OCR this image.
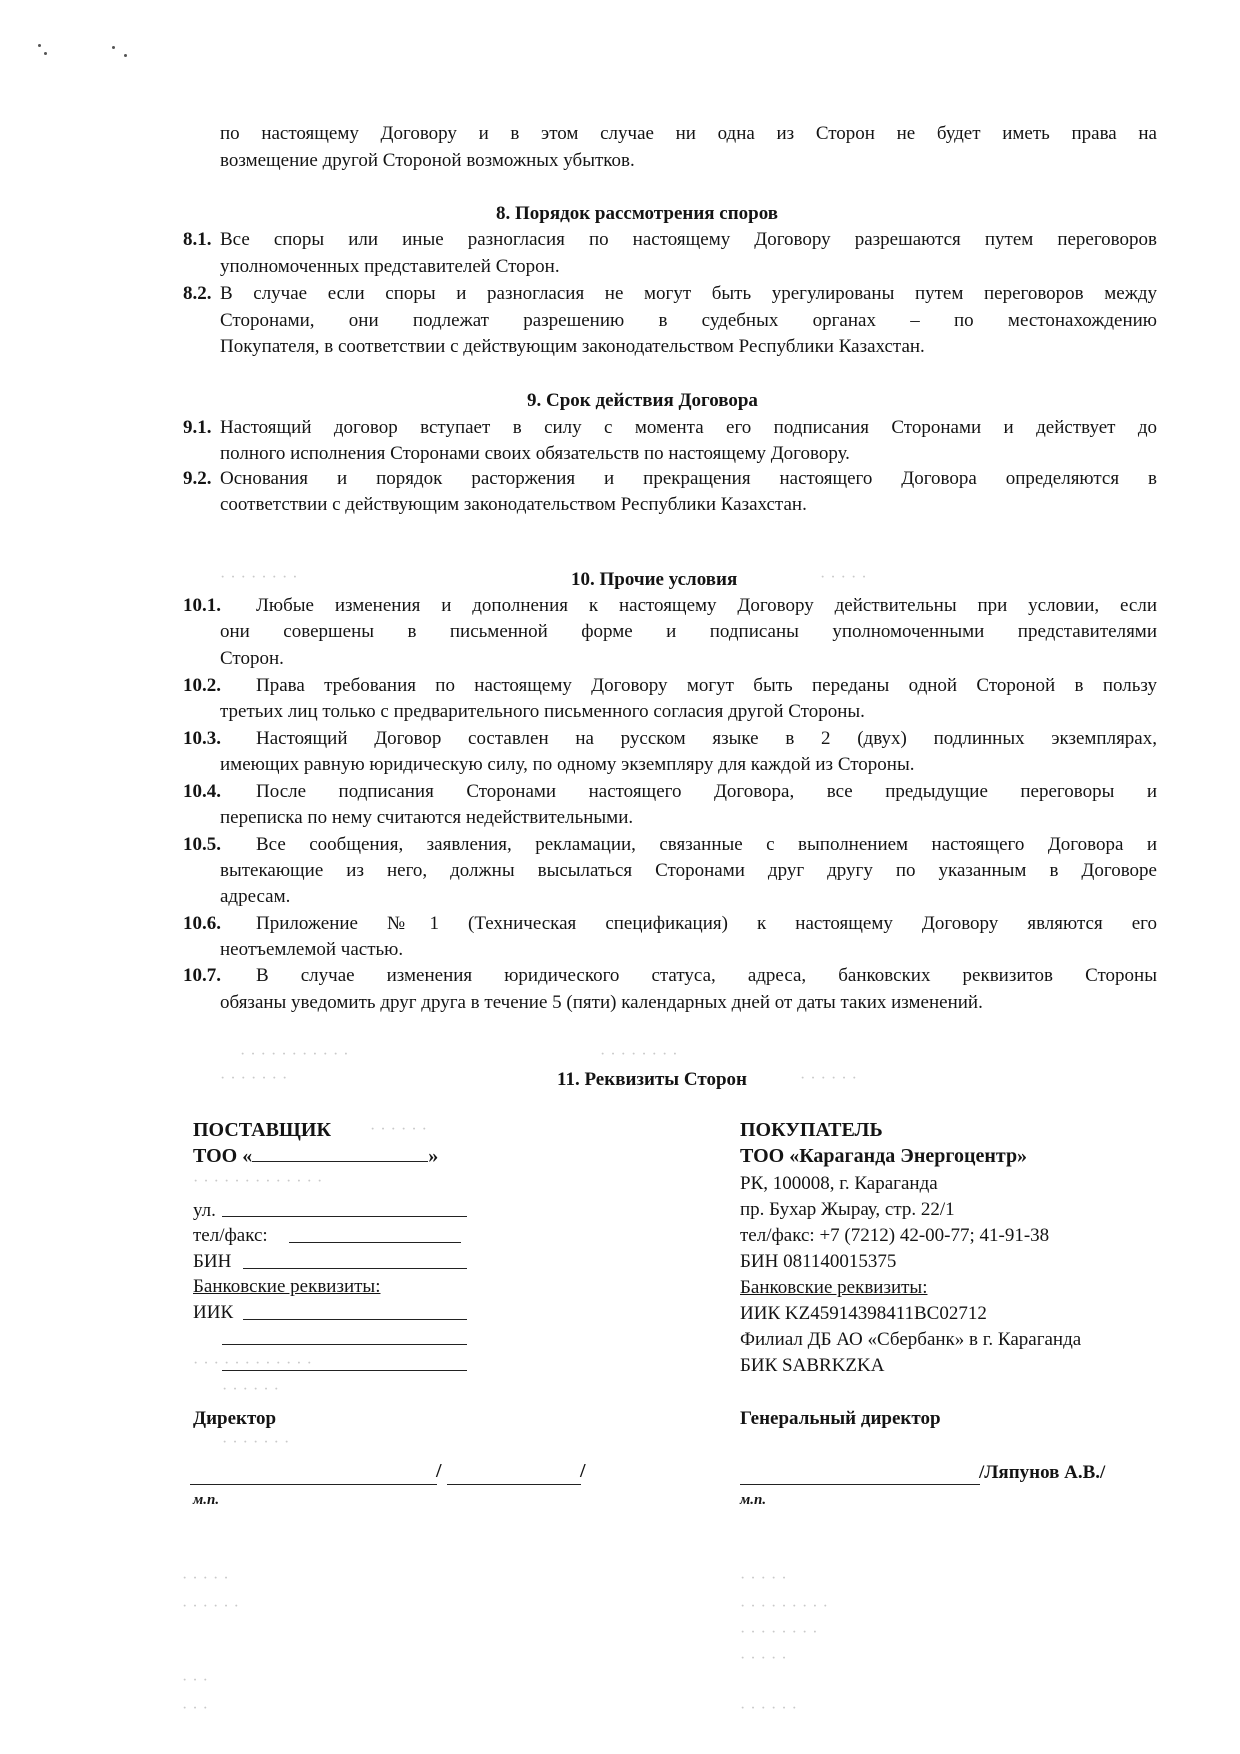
по настоящему Договору и в этом случае ни одна из Сторон не будет иметь права на
возмещение другой Стороной возможных убытков.
8. Порядок рассмотрения споров
8.1. Все споры или иные разногласия по настоящему Договору разрешаются путем переговоров
уполномоченных представителей Сторон.
8.2. В случае если споры и разногласия не могут быть урегулированы путем переговоров между
Сторонами, они подлежат разрешению в судебных органах – по местонахождению
Покупателя, в соответствии с действующим законодательством Республики Казахстан.
9. Срок действия Договора
9.1. Настоящий договор вступает в силу с момента его подписания Сторонами и действует до
полного исполнения Сторонами своих обязательств по настоящему Договору.
9.2. Основания и порядок расторжения и прекращения настоящего Договора определяются в
соответствии с действующим законодательством Республики Казахстан.
· · · · · · · ·	· · · · ·
10. Прочие условия
10.1. Любые изменения и дополнения к настоящему Договору действительны при условии, если
они совершены в письменной форме и подписаны уполномоченными представителями
Сторон.
10.2. Права требования по настоящему Договору могут быть переданы одной Стороной в пользу
третьих лиц только с предварительного письменного согласия другой Стороны.
10.3. Настоящий Договор составлен на русском языке в 2 (двух) подлинных экземплярах,
имеющих равную юридическую силу, по одному экземпляру для каждой из Стороны.
10.4. После подписания Сторонами настоящего Договора, все предыдущие переговоры и
переписка по нему считаются недействительными.
10.5. Все сообщения, заявления, рекламации, связанные с выполнением настоящего Договора и
вытекающие из него, должны высылаться Сторонами друг другу по указанным в Договоре
адресам.
10.6. Приложение №1 (Техническая спецификация) к настоящему Договору являются его
неотъемлемой частью.
10.7. В случае изменения юридического статуса, адреса, банковских реквизитов Стороны
обязаны уведомить друг друга в течение 5 (пяти) календарных дней от даты таких изменений.
· · · · · · · · · · ·	· · · · · · · ·
· · · · · · ·	· · · · · ·
11. Реквизиты Сторон
ПОСТАВЩИК · · · · · ·
ТОО «	»
· · · · · · · · · · · · ·
ул.
тел/факс:
БИН
Банковские реквизиты:
ИИК
· · · · · · · · · · · ·
· · · · · ·
Директор
· · · · · · ·
/	/
м.п.
ПОКУПАТЕЛЬ
ТОО «Караганда Энергоцентр»
РК, 100008, г. Караганда
пр. Бухар Жырау, стр. 22/1
тел/факс: +7 (7212) 42-00-77; 41-91-38
БИН 081140015375
Банковские реквизиты:
ИИК KZ45914398411BC02712
Филиал ДБ АО «Сбербанк» в г. Караганда
БИК SABRKZKA
Генеральный директор
/Ляпунов А.В./
м.п.
· · · · ·
· · · · · ·
· · ·
· · ·
· · · · ·
· · · · · · · · ·
· · · · · · · ·
· · · · ·
· · · · · ·
